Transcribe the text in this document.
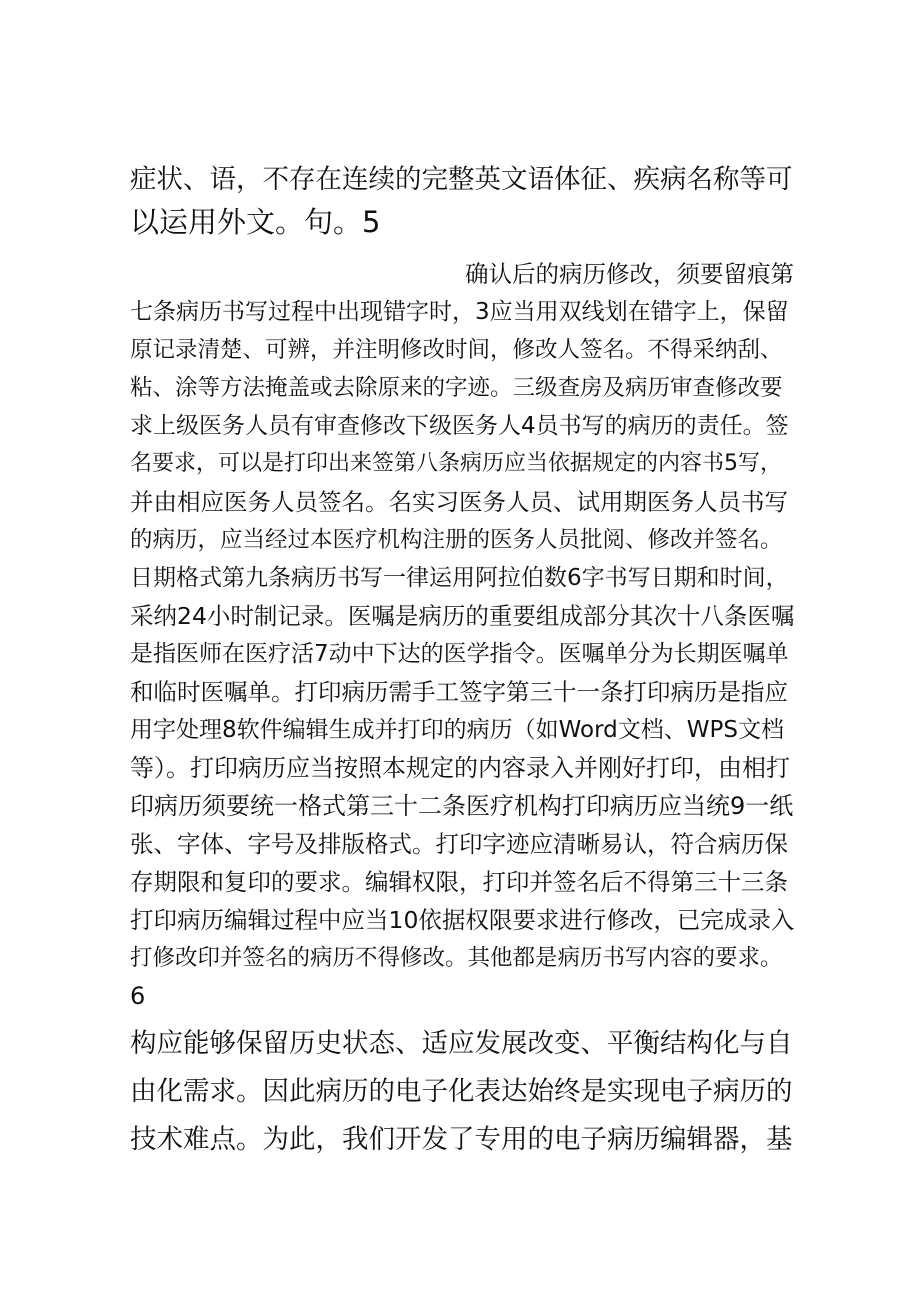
症状、语，不存在连续的完整英文语体征、疾病名称等可
以运用外文。句。5
确认后的病历修改，须要留痕第
七条病历书写过程中出现错字时，3应当用双线划在错字上，保留
原记录清楚、可辨，并注明修改时间，修改人签名。不得采纳刮、
粘、涂等方法掩盖或去除原来的字迹。三级查房及病历审查修改要
求上级医务人员有审查修改下级医务人4员书写的病历的责任。签
名要求，可以是打印出来签第八条病历应当依据规定的内容书5写，
并由相应医务人员签名。名实习医务人员、试用期医务人员书写
的病历，应当经过本医疗机构注册的医务人员批阅、修改并签名。
日期格式第九条病历书写一律运用阿拉伯数6字书写日期和时间，
采纳24小时制记录。医嘱是病历的重要组成部分其次十八条医嘱
是指医师在医疗活7动中下达的医学指令。医嘱单分为长期医嘱单
和临时医嘱单。打印病历需手工签字第三十一条打印病历是指应
用字处理8软件编辑生成并打印的病历（如Word文档、WPS文档
等）。打印病历应当按照本规定的内容录入并刚好打印，由相打
印病历须要统一格式第三十二条医疗机构打印病历应当统9一纸
张、字体、字号及排版格式。打印字迹应清晰易认，符合病历保
存期限和复印的要求。编辑权限，打印并签名后不得第三十三条
打印病历编辑过程中应当10依据权限要求进行修改，已完成录入
打修改印并签名的病历不得修改。其他都是病历书写内容的要求。
6
构应能够保留历史状态、适应发展改变、平衡结构化与自
由化需求。因此病历的电子化表达始终是实现电子病历的
技术难点。为此，我们开发了专用的电子病历编辑器，基
